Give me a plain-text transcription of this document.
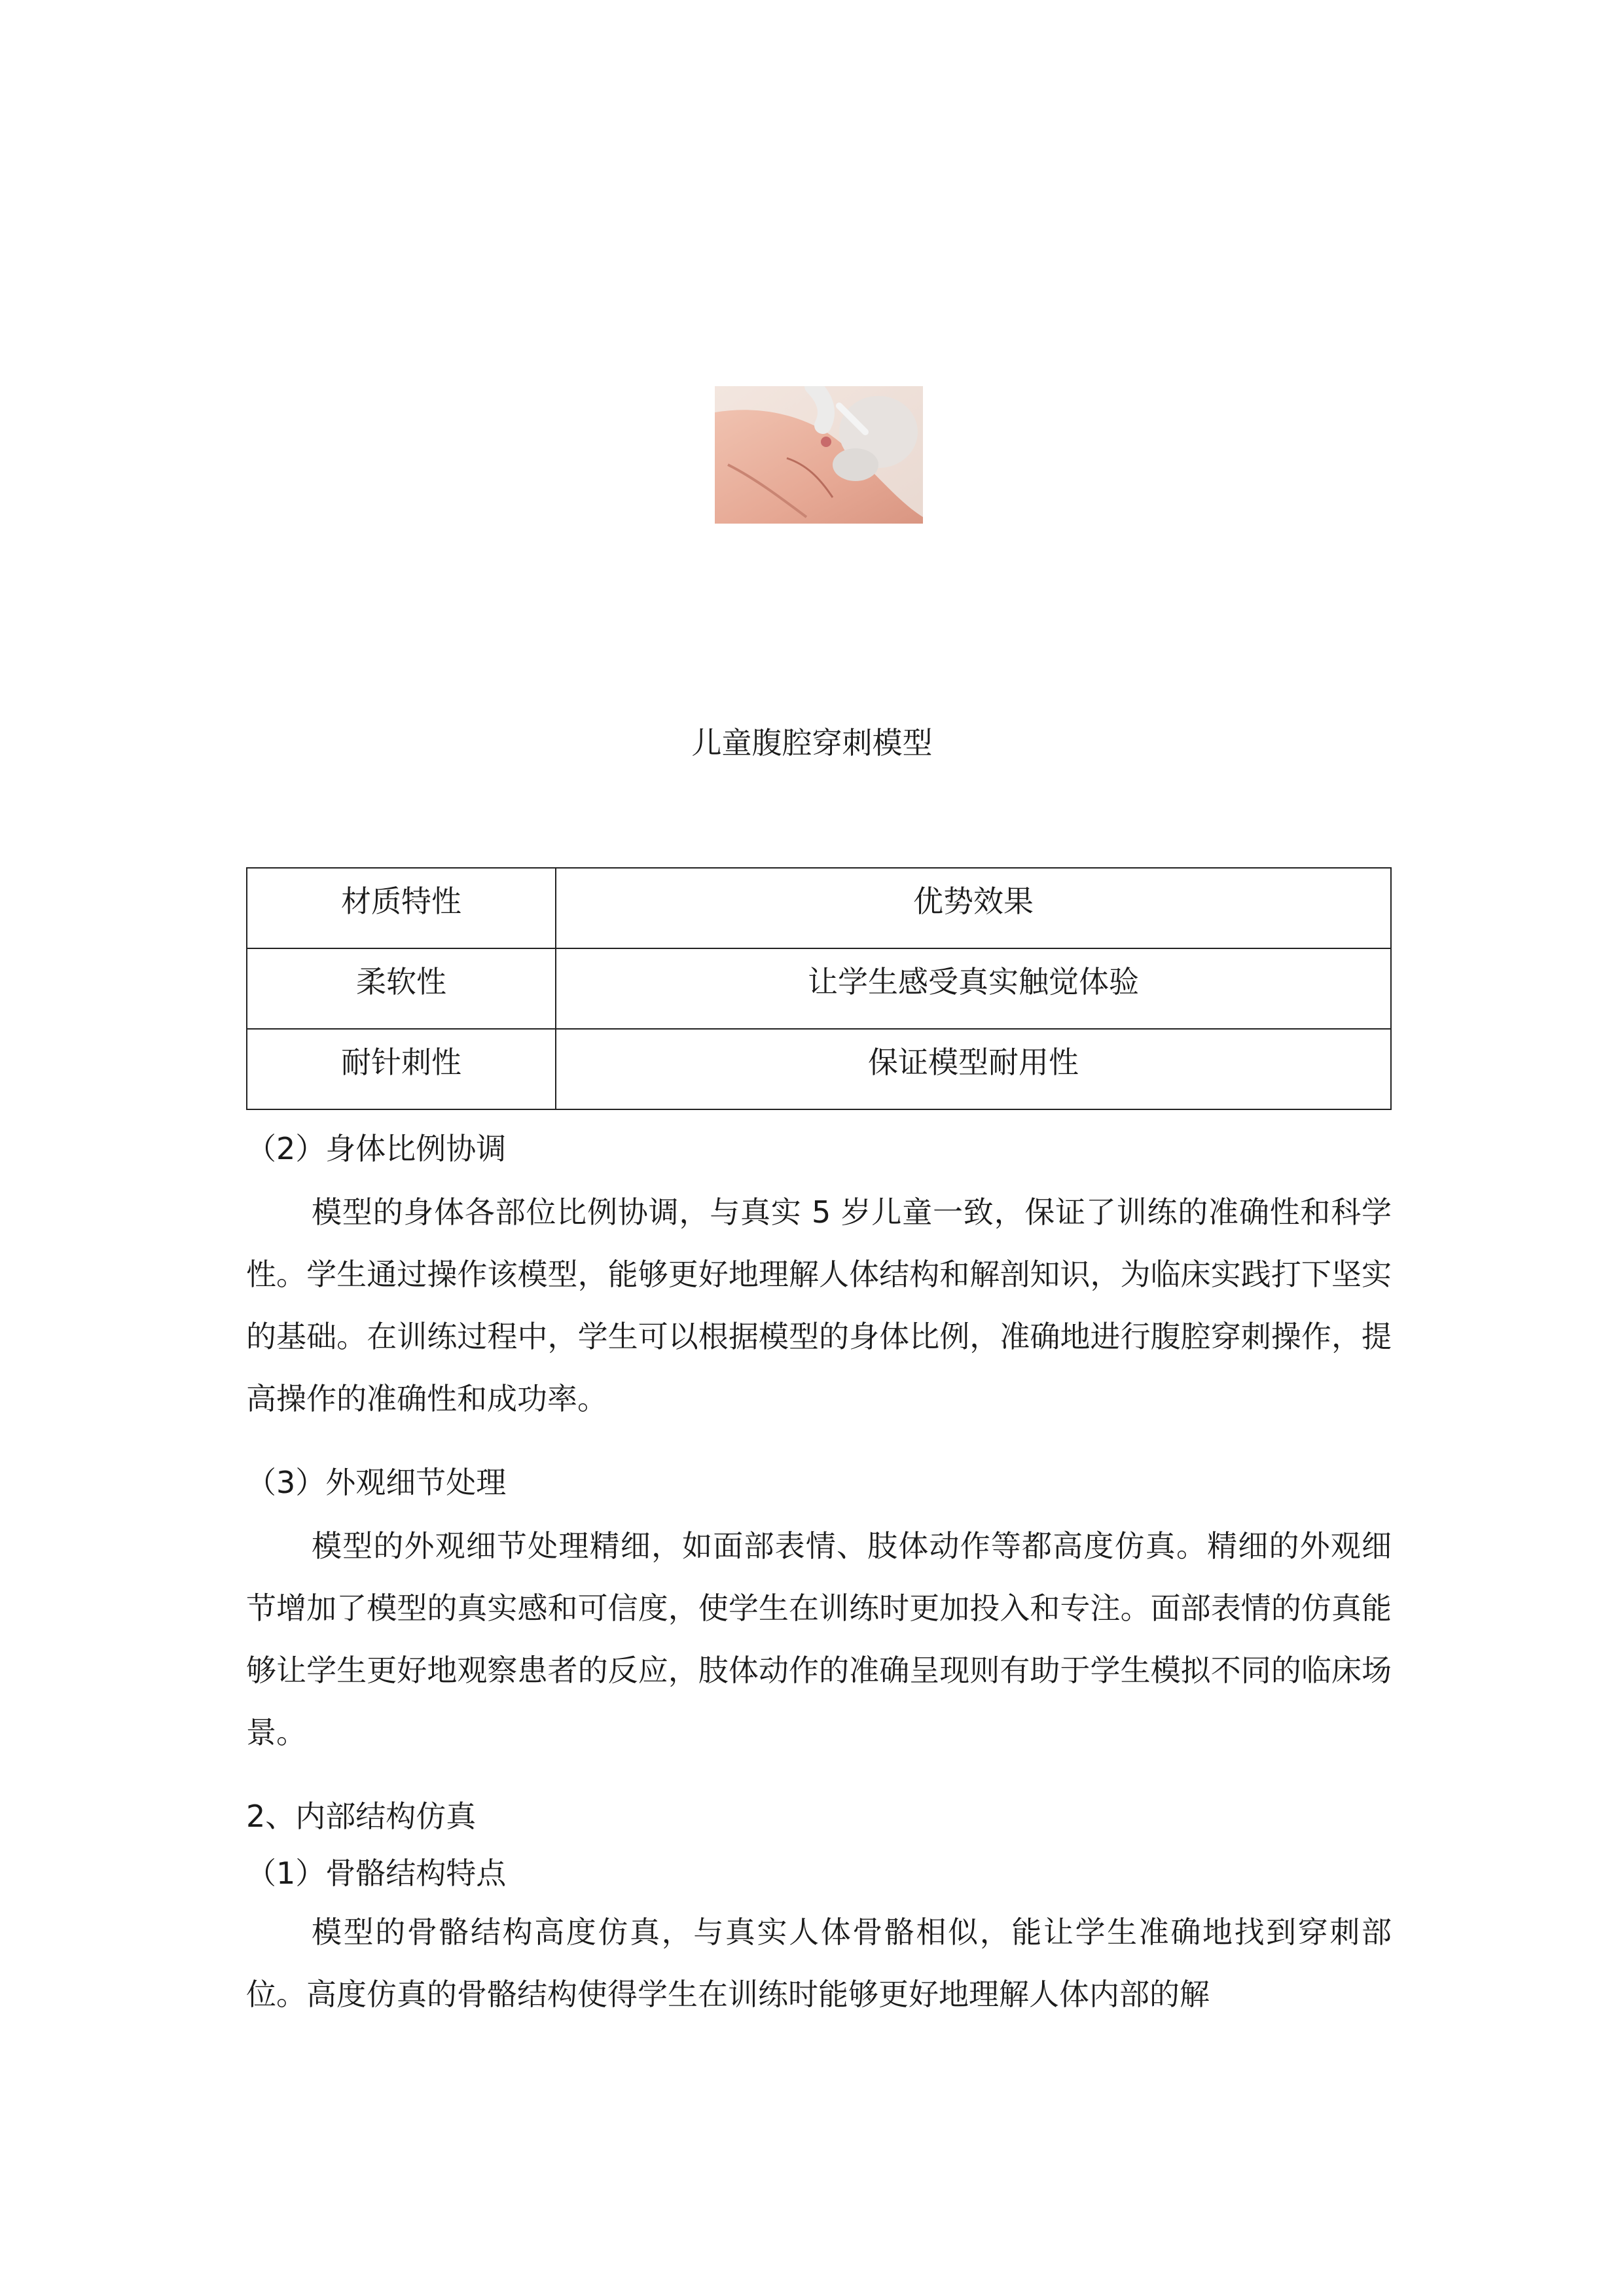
儿童腹腔穿刺模型
材质特性	优势效果

柔软性	让学生感受真实触觉体验

耐针刺性	保证模型耐用性
（2）身体比例协调

模型的身体各部位比例协调，与真实 5 岁儿童一致，保证了训练的准确性和科学性。学生通过操作该模型，能够更好地理解人体结构和解剖知识，为临床实践打下坚实的基础。在训练过程中，学生可以根据模型的身体比例，准确地进行腹腔穿刺操作，提高操作的准确性和成功率。

（3）外观细节处理

模型的外观细节处理精细，如面部表情、肢体动作等都高度仿真。精细的外观细节增加了模型的真实感和可信度，使学生在训练时更加投入和专注。面部表情的仿真能够让学生更好地观察患者的反应，肢体动作的准确呈现则有助于学生模拟不同的临床场景。

2、内部结构仿真
（1）骨骼结构特点

模型的骨骼结构高度仿真，与真实人体骨骼相似，能让学生准确地找到穿刺部位。高度仿真的骨骼结构使得学生在训练时能够更好地理解人体内部的解
